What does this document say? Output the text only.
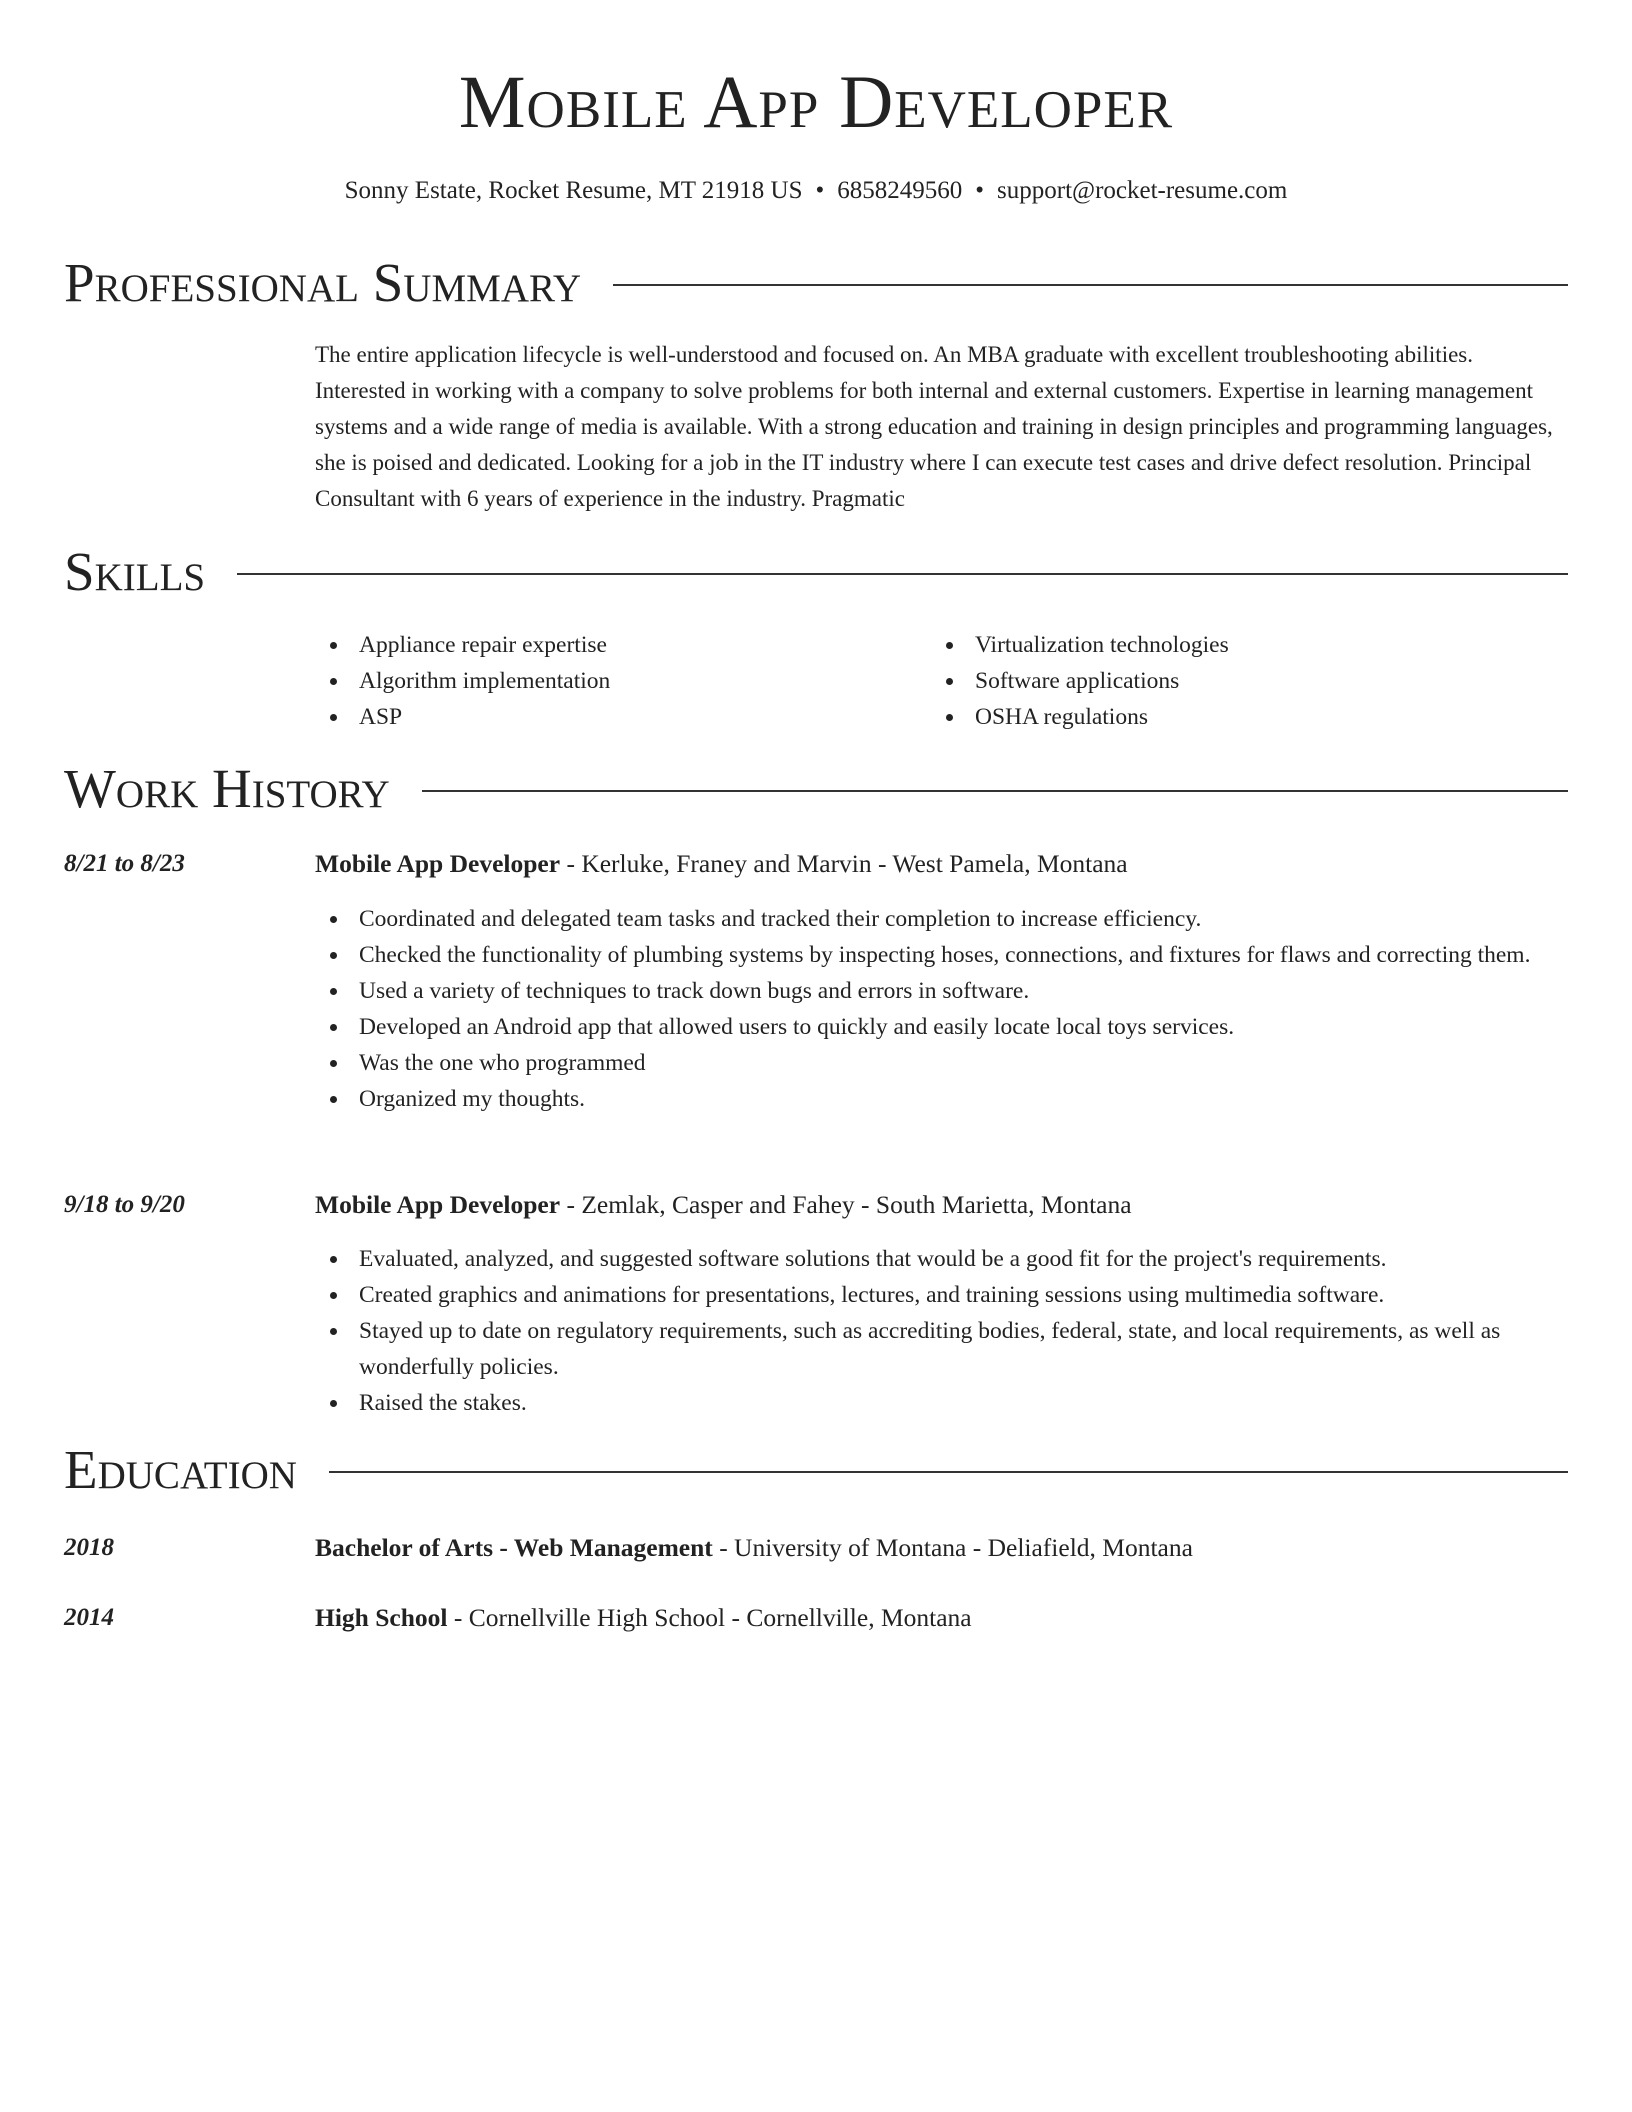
Mobile App Developer
Sonny Estate, Rocket Resume, MT 21918 US • 6858249560 • support@rocket-resume.com
Professional Summary

The entire application lifecycle is well-understood and focused on. An MBA graduate with excellent troubleshooting abilities. Interested in working with a company to solve problems for both internal and external customers. Expertise in learning management systems and a wide range of media is available. With a strong education and training in design principles and programming languages, she is poised and dedicated. Looking for a job in the IT industry where I can execute test cases and drive defect resolution. Principal Consultant with 6 years of experience in the industry. Pragmatic

Skills
Appliance repair expertise
Algorithm implementation
ASP
Virtualization technologies
Software applications
OSHA regulations
Work History
8/21 to 8/23	Mobile App Developer - Kerluke, Franey and Marvin - West Pamela, Montana
Coordinated and delegated team tasks and tracked their completion to increase efficiency.
Checked the functionality of plumbing systems by inspecting hoses, connections, and fixtures for flaws and correcting them.
Used a variety of techniques to track down bugs and errors in software.
Developed an Android app that allowed users to quickly and easily locate local toys services.
Was the one who programmed
Organized my thoughts.
9/18 to 9/20	Mobile App Developer - Zemlak, Casper and Fahey - South Marietta, Montana
Evaluated, analyzed, and suggested software solutions that would be a good fit for the project's requirements.
Created graphics and animations for presentations, lectures, and training sessions using multimedia software.
Stayed up to date on regulatory requirements, such as accrediting bodies, federal, state, and local requirements, as well as wonderfully policies.
Raised the stakes.
Education
2018	Bachelor of Arts - Web Management - University of Montana - Deliafield, Montana
2014	High School - Cornellville High School - Cornellville, Montana
